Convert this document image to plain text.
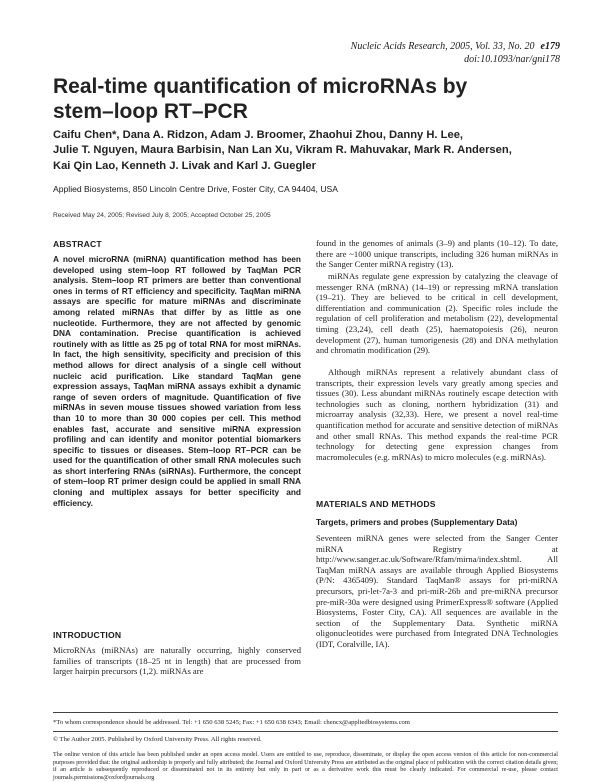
Nucleic Acids Research, 2005, Vol. 33, No. 20 e179
doi:10.1093/nar/gni178
Real-time quantification of microRNAs by
stem–loop RT–PCR
Caifu Chen*, Dana A. Ridzon, Adam J. Broomer, Zhaohui Zhou, Danny H. Lee,
Julie T. Nguyen, Maura Barbisin, Nan Lan Xu, Vikram R. Mahuvakar, Mark R. Andersen,
Kai Qin Lao, Kenneth J. Livak and Karl J. Guegler
Applied Biosystems, 850 Lincoln Centre Drive, Foster City, CA 94404, USA
Received May 24, 2005; Revised July 8, 2005; Accepted October 25, 2005
ABSTRACT

A novel microRNA (miRNA) quantification method has been developed using stem–loop RT followed by TaqMan PCR analysis. Stem–loop RT primers are better than conventional ones in terms of RT efficiency and specificity. TaqMan miRNA assays are specific for mature miRNAs and discriminate among related miRNAs that differ by as little as one nucleotide. Furthermore, they are not affected by genomic DNA contamination. Precise quantification is achieved routinely with as little as 25 pg of total RNA for most miRNAs. In fact, the high sensitivity, specificity and precision of this method allows for direct analysis of a single cell without nucleic acid purification. Like standard TaqMan gene expression assays, TaqMan miRNA assays exhibit a dynamic range of seven orders of magnitude. Quantification of five miRNAs in seven mouse tissues showed variation from less than 10 to more than 30 000 copies per cell. This method enables fast, accurate and sensitive miRNA expression profiling and can identify and monitor potential biomarkers specific to tissues or diseases. Stem–loop RT–PCR can be used for the quantification of other small RNA molecules such as short interfering RNAs (siRNAs). Furthermore, the concept of stem–loop RT primer design could be applied in small RNA cloning and multiplex assays for better specificity and efficiency.

INTRODUCTION

MicroRNAs (miRNAs) are naturally occurring, highly conserved families of transcripts (18–25 nt in length) that are processed from larger hairpin precursors (1,2). miRNAs are

found in the genomes of animals (3–9) and plants (10–12). To date, there are ~1000 unique transcripts, including 326 human miRNAs in the Sanger Center miRNA registry (13).

miRNAs regulate gene expression by catalyzing the cleavage of messenger RNA (mRNA) (14–19) or repressing mRNA translation (19–21). They are believed to be critical in cell development, differentiation and communication (2). Specific roles include the regulation of cell proliferation and metabolism (22), developmental timing (23,24), cell death (25), haematopoiesis (26), neuron development (27), human tumorigenesis (28) and DNA methylation and chromatin modification (29).

Although miRNAs represent a relatively abundant class of transcripts, their expression levels vary greatly among species and tissues (30). Less abundant miRNAs routinely escape detection with technologies such as cloning, northern hybridization (31) and microarray analysis (32,33). Here, we present a novel real-time quantification method for accurate and sensitive detection of miRNAs and other small RNAs. This method expands the real-time PCR technology for detecting gene expression changes from macromolecules (e.g. mRNAs) to micro molecules (e.g. miRNAs).

MATERIALS AND METHODS
Targets, primers and probes (Supplementary Data)

Seventeen miRNA genes were selected from the Sanger Center miRNA Registry at http://www.sanger.ac.uk/Software/Rfam/mirna/index.shtml. All TaqMan miRNA assays are available through Applied Biosystems (P/N: 4365409). Standard TaqMan® assays for pri-miRNA precursors, pri-let-7a-3 and pri-miR-26b and pre-miRNA precursor pre-miR-30a were designed using PrimerExpress® software (Applied Biosystems, Foster City, CA). All sequences are available in the section of the Supplementary Data. Synthetic miRNA oligonucleotides were purchased from Integrated DNA Technologies (IDT, Coralville, IA).

*To whom correspondence should be addressed. Tel: +1 650 638 5245; Fax: +1 650 638 6343; Email: chencx@appliedbiosystems.com
© The Author 2005. Published by Oxford University Press. All rights reserved.
The online version of this article has been published under an open access model. Users are entitled to use, reproduce, disseminate, or display the open access version of this article for non-commercial purposes provided that: the original authorship is properly and fully attributed; the Journal and Oxford University Press are attributed as the original place of publication with the correct citation details given; if an article is subsequently reproduced or disseminated not in its entirety but only in part or as a derivative work this must be clearly indicated. For commercial re-use, please contact journals.permissions@oxfordjournals.org
